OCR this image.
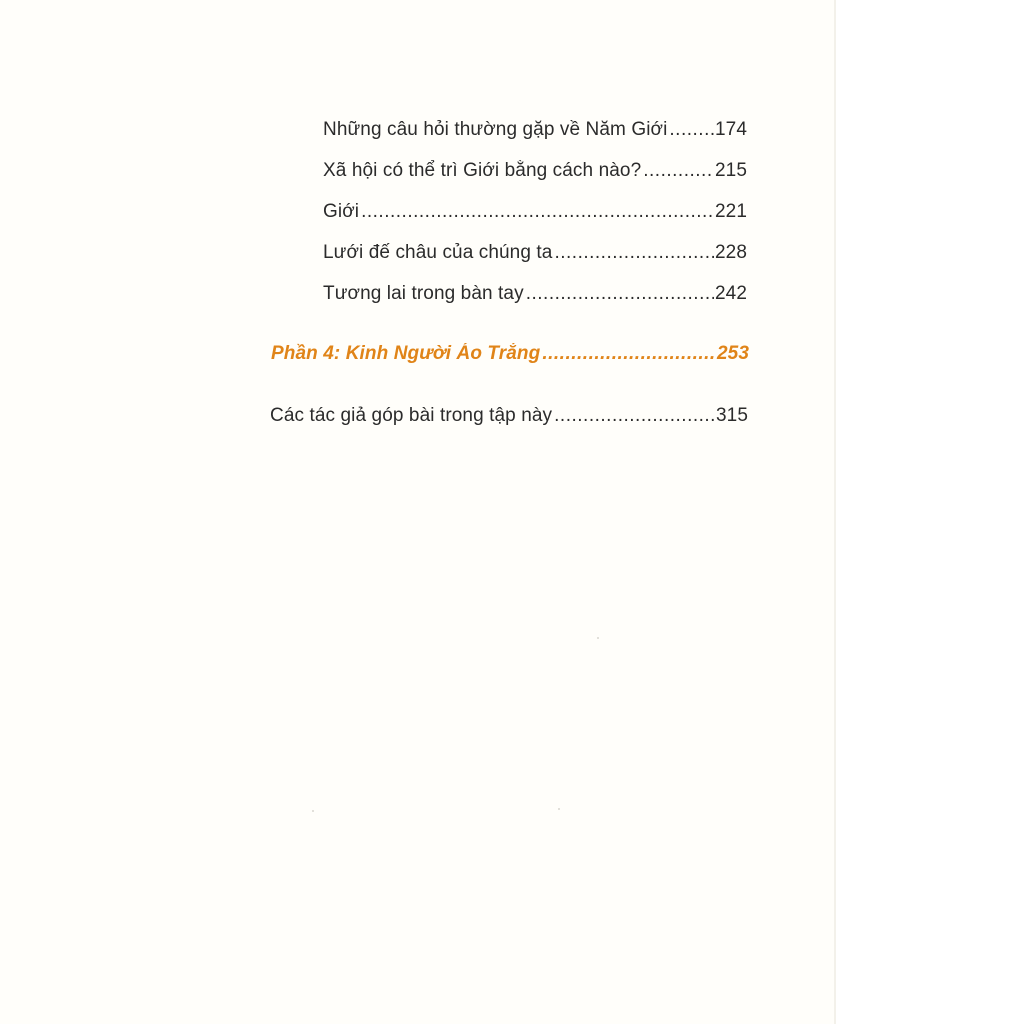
Những câu hỏi thường gặp về Năm Giới .....	174
Xã hội có thể trì Giới bằng cách nào? .....	215
Giới .....	221
Lưới đế châu của chúng ta .....	228
Tương lai trong bàn tay .....	242
Phần 4: Kinh Người Áo Trắng .....	253
Các tác giả góp bài trong tập này .....	315
